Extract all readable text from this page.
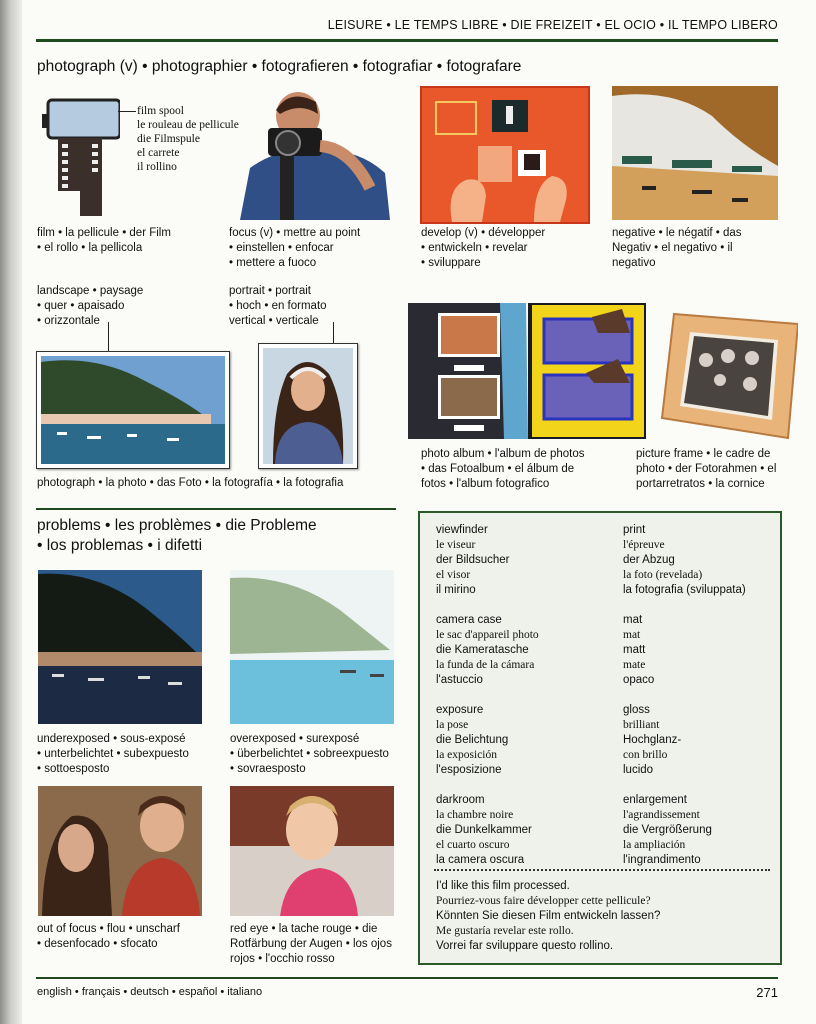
LEISURE • LE TEMPS LIBRE • DIE FREIZEIT • EL OCIO • IL TEMPO LIBERO
photograph (v) • photographier • fotografieren • fotografiar • fotografare
film spool
le rouleau de pellicule
die Filmspule
el carrete
il rollino
film • la pellicule • der Film
• el rollo • la pellicola
focus (v) • mettre au point
• einstellen • enfocar
• mettere a fuoco
develop (v) • développer
• entwickeln • revelar
• sviluppare
negative • le négatif • das
Negativ • el negativo • il
negativo
landscape • paysage
• quer • apaisado
• orizzontale
portrait • portrait
• hoch • en formato
vertical • verticale
photograph • la photo • das Foto • la fotografía • la fotografia
photo album • l'album de photos
• das Fotoalbum • el álbum de
fotos • l'album fotografico
picture frame • le cadre de
photo • der Fotorahmen • el
portarretratos • la cornice
problems • les problèmes • die Probleme
• los problemas • i difetti
underexposed • sous-exposé
• unterbelichtet • subexpuesto
• sottoesposto
overexposed • surexposé
• überbelichtet • sobreexpuesto
• sovraesposto
out of focus • flou • unscharf
• desenfocado • sfocato
red eye • la tache rouge • die
Rotfärbung der Augen • los ojos
rojos • l'occhio rosso
viewfinder
le viseur
der Bildsucher
el visor
il mirino
camera case
le sac d'appareil photo
die Kameratasche
la funda de la cámara
l'astuccio
exposure
la pose
die Belichtung
la exposición
l'esposizione
darkroom
la chambre noire
die Dunkelkammer
el cuarto oscuro
la camera oscura
print
l'épreuve
der Abzug
la foto (revelada)
la fotografia (sviluppata)
mat
mat
matt
mate
opaco
gloss
brilliant
Hochglanz-
con brillo
lucido
enlargement
l'agrandissement
die Vergrößerung
la ampliación
l'ingrandimento
I'd like this film processed.
Pourriez-vous faire développer cette pellicule?
Könnten Sie diesen Film entwickeln lassen?
Me gustaría revelar este rollo.
Vorrei far sviluppare questo rollino.
english • français • deutsch • español • italiano	271
